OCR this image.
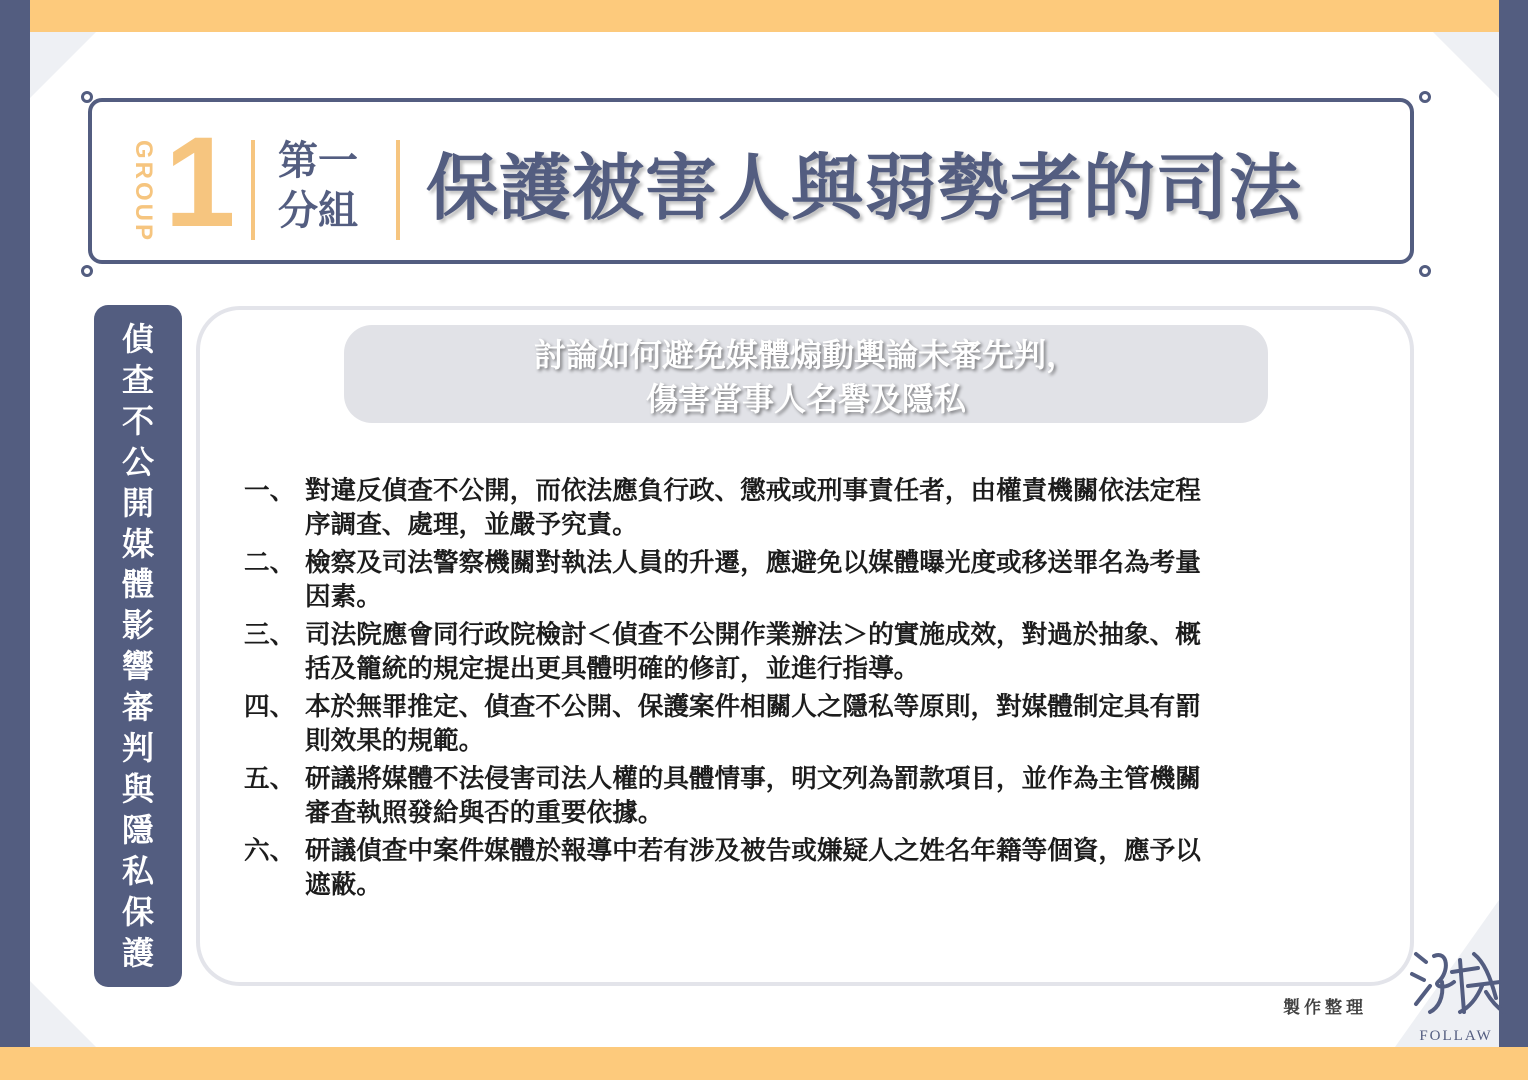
GROUP 1 第一
分組 保護被害人與弱勢者的司法
偵
查
不
公
開
媒
體
影
響
審
判
與
隱
私
保
護
討論如何避免媒體煽動輿論未審先判，
傷害當事人名譽及隱私
一、 對違反偵查不公開，而依法應負行政、懲戒或刑事責任者，由權責機關依法定程
序調查、處理，並嚴予究責。
二、 檢察及司法警察機關對執法人員的升遷，應避免以媒體曝光度或移送罪名為考量
因素。
三、 司法院應會同行政院檢討＜偵查不公開作業辦法＞的實施成效，對過於抽象、概
括及籠統的規定提出更具體明確的修訂，並進行指導。
四、 本於無罪推定、偵查不公開、保護案件相關人之隱私等原則，對媒體制定具有罰
則效果的規範。
五、 研議將媒體不法侵害司法人權的具體情事，明文列為罰款項目，並作為主管機關
審查執照發給與否的重要依據。
六、 研議偵查中案件媒體於報導中若有涉及被告或嫌疑人之姓名年籍等個資，應予以
遮蔽。
製作整理
FOLLAW
